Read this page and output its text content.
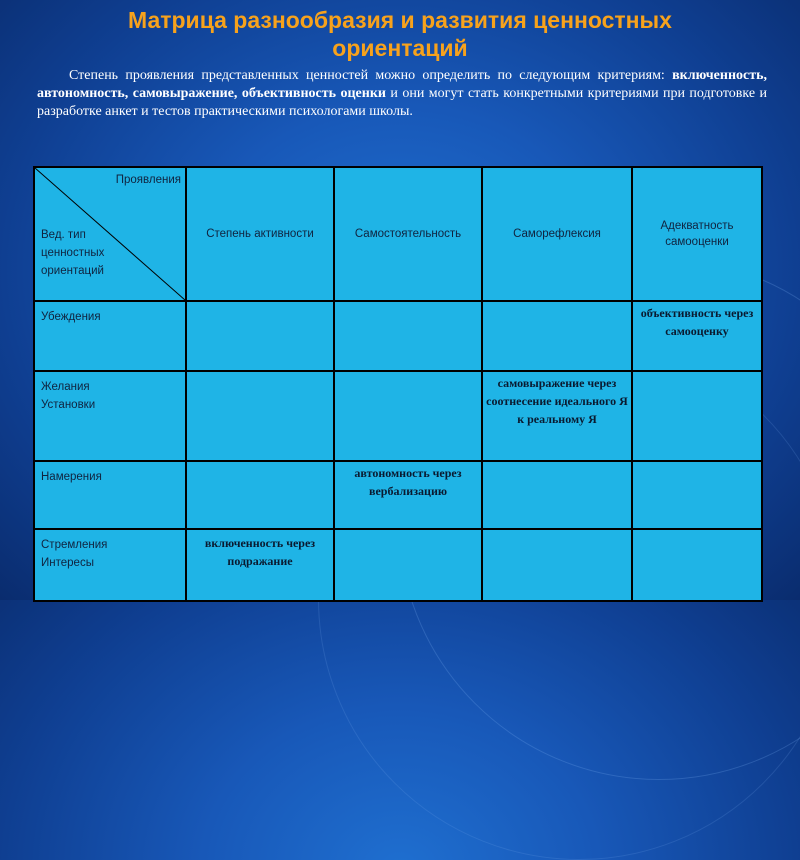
Матрица разнообразия и развития ценностных ориентаций
Степень проявления представленных ценностей можно определить по следующим критериям: включенность, автономность, самовыражение, объективность оценки и они могут стать конкретными критериями при подготовке и разработке анкет и тестов практическими психологами школы.
Проявления
Вед. тип ценностных ориентаций	Степень активности	Самостоятельность	Саморефлексия	Адекватность самооценки
Убеждения				объективность через самооценку

Желания Установки			самовыражение через соотнесение идеального Я к реальному Я	
Намерения		автономность через вербализацию		

Стремления Интересы	включенность через подражание			
